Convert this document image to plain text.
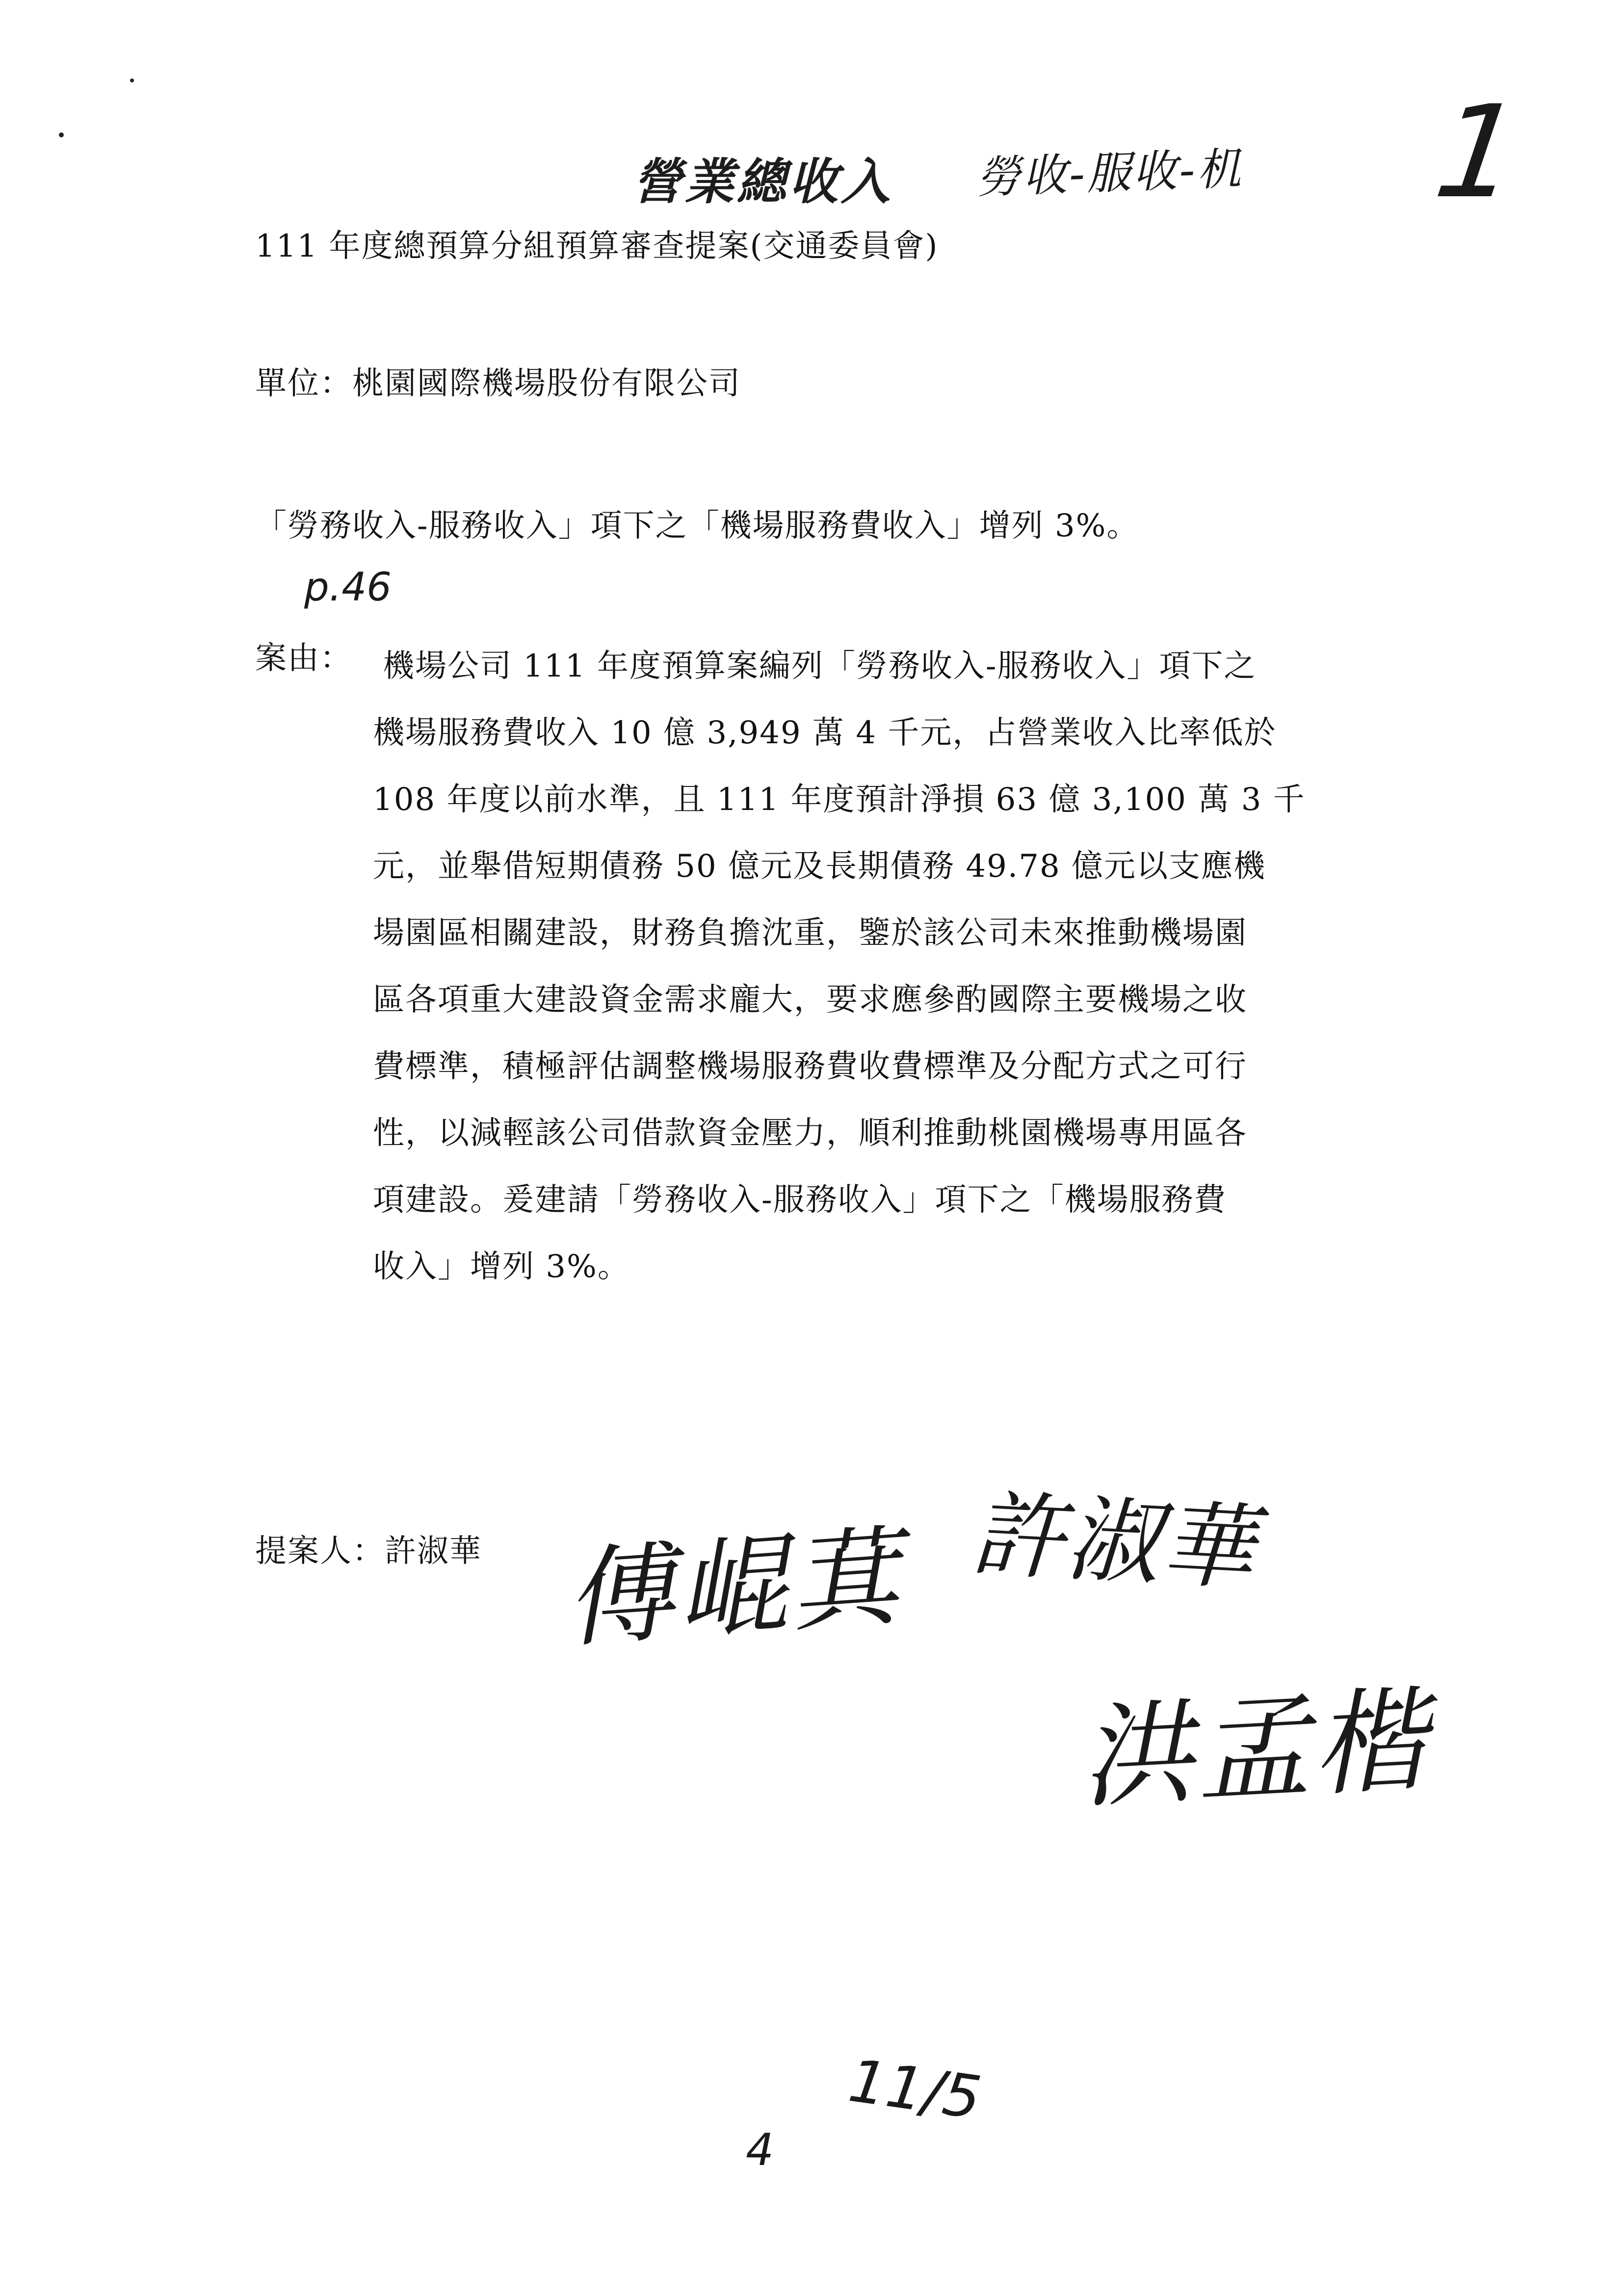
營業總收入 勞收-服收-机 1
111 年度總預算分組預算審查提案(交通委員會)
單位：桃園國際機場股份有限公司
「勞務收入-服務收入」項下之「機場服務費收入」增列 3%。
p.46
案由： 機場公司 111 年度預算案編列「勞務收入-服務收入」項下之
機場服務費收入 10 億 3,949 萬 4 千元，占營業收入比率低於
108 年度以前水準，且 111 年度預計淨損 63 億 3,100 萬 3 千
元，並舉借短期債務 50 億元及長期債務 49.78 億元以支應機
場園區相關建設，財務負擔沈重，鑒於該公司未來推動機場園
區各項重大建設資金需求龐大，要求應參酌國際主要機場之收
費標準，積極評估調整機場服務費收費標準及分配方式之可行
性，以減輕該公司借款資金壓力，順利推動桃園機場專用區各
項建設。爰建請「勞務收入-服務收入」項下之「機場服務費
收入」增列 3%。
提案人：許淑華 傅崐萁 許淑華
洪孟楷
11/5
4
